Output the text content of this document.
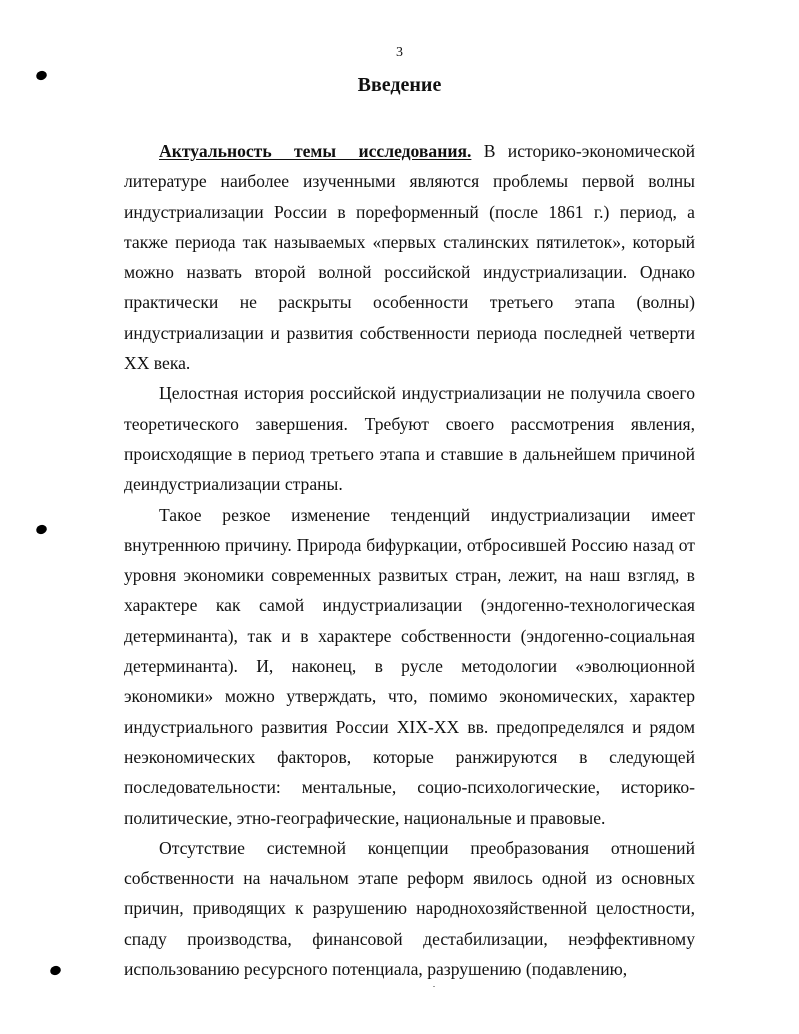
3
Введение

Актуальность темы исследования. В историко-экономической литературе наиболее изученными являются проблемы первой волны индустриализации России в пореформенный (после 1861 г.) период, а также периода так называемых «первых сталинских пятилеток», который можно назвать второй волной российской индустриализации. Однако практически не раскрыты особенности третьего этапа (волны) индустриализации и развития собственности периода последней четверти XX века.

Целостная история российской индустриализации не получила своего теоретического завершения. Требуют своего рассмотрения явления, происходящие в период третьего этапа и ставшие в дальнейшем причиной деиндустриализации страны.

Такое резкое изменение тенденций индустриализации имеет внутреннюю причину. Природа бифуркации, отбросившей Россию назад от уровня экономики современных развитых стран, лежит, на наш взгляд, в характере как самой индустриализации (эндогенно-технологическая детерминанта), так и в характере собственности (эндогенно-социальная детерминанта). И, наконец, в русле методологии «эволюционной экономики» можно утверждать, что, помимо экономических, характер индустриального развития России XIX-XX вв. предопределялся и рядом неэкономических факторов, которые ранжируются в следующей последовательности: ментальные, социо-психологические, историко-политические, этно-географические, национальные и правовые.

Отсутствие системной концепции преобразования отношений собственности на начальном этапе реформ явилось одной из основных причин, приводящих к разрушению народнохозяйственной целостности, спаду производства, финансовой дестабилизации, неэффективному использованию ресурсного потенциала, разрушению (подавлению,
